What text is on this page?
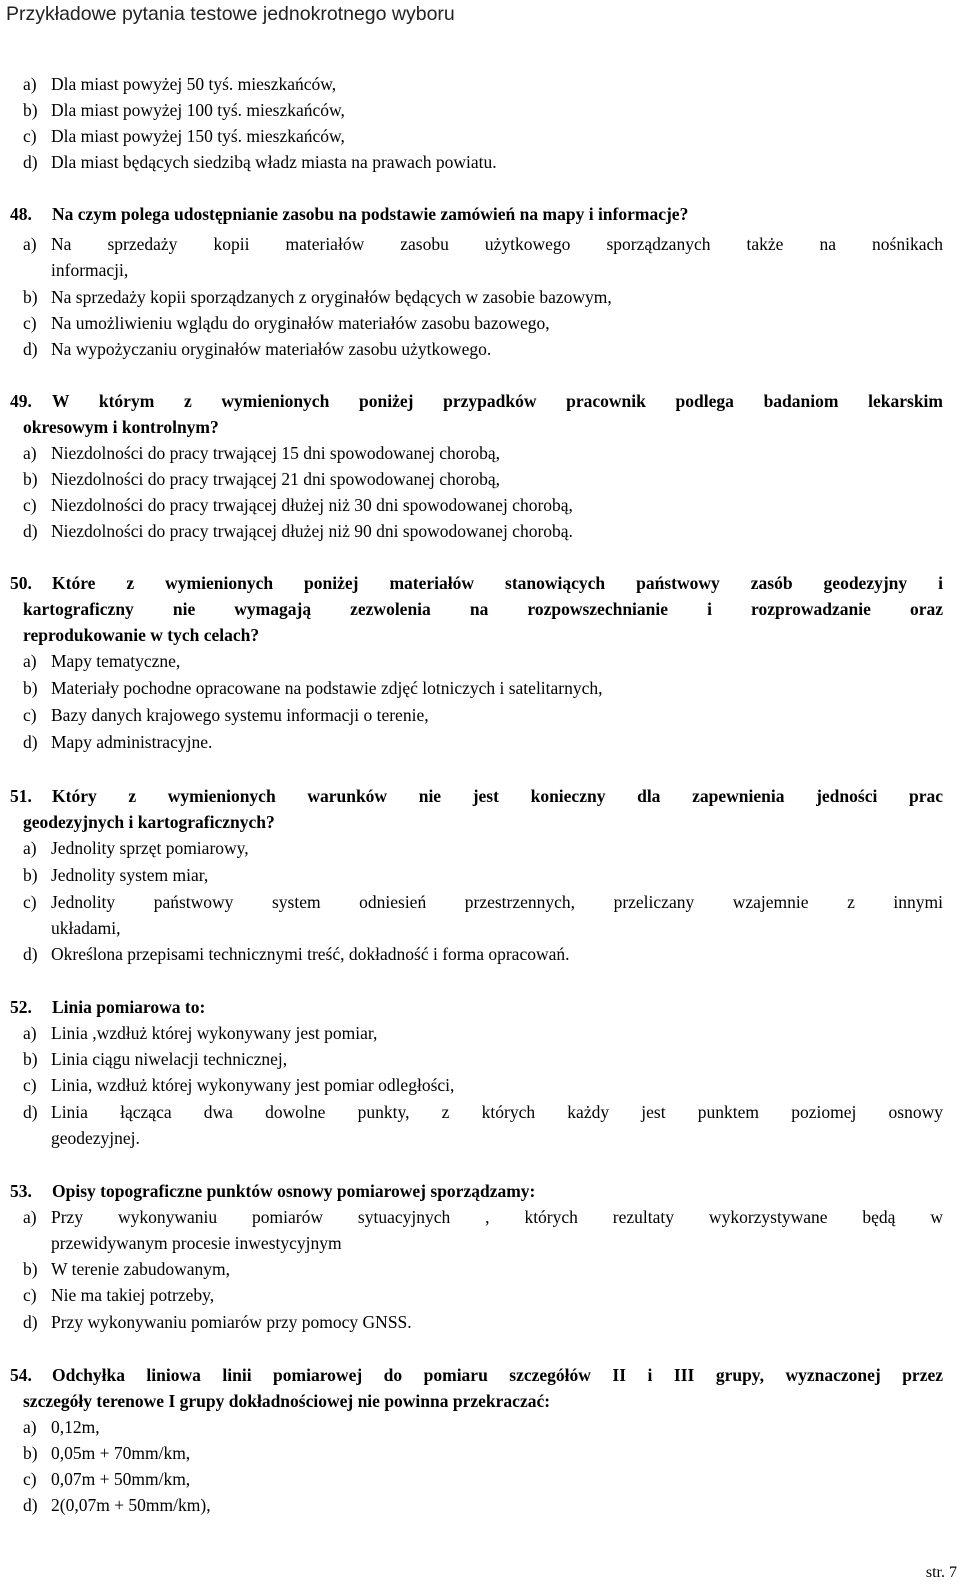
Przykładowe pytania testowe jednokrotnego wyboru
a) Dla miast powyżej 50 tyś. mieszkańców,
b) Dla miast powyżej 100 tyś. mieszkańców,
c) Dla miast powyżej 150 tyś. mieszkańców,
d) Dla miast będących siedzibą władz miasta na prawach powiatu.
48. Na czym polega udostępnianie zasobu na podstawie zamówień na mapy i informacje?
a) Na sprzedaży kopii materiałów zasobu użytkowego sporządzanych także na nośnikach
informacji,
b) Na sprzedaży kopii sporządzanych z oryginałów będących w zasobie bazowym,
c) Na umożliwieniu wglądu do oryginałów materiałów zasobu bazowego,
d) Na wypożyczaniu oryginałów materiałów zasobu użytkowego.
49. W którym z wymienionych poniżej przypadków pracownik podlega badaniom lekarskim
okresowym i kontrolnym?
a) Niezdolności do pracy trwającej 15 dni spowodowanej chorobą,
b) Niezdolności do pracy trwającej 21 dni spowodowanej chorobą,
c) Niezdolności do pracy trwającej dłużej niż 30 dni spowodowanej chorobą,
d) Niezdolności do pracy trwającej dłużej niż 90 dni spowodowanej chorobą.
50. Które z wymienionych poniżej materiałów stanowiących państwowy zasób geodezyjny i
kartograficzny nie wymagają zezwolenia na rozpowszechnianie i rozprowadzanie oraz
reprodukowanie w tych celach?
a) Mapy tematyczne,
b) Materiały pochodne opracowane na podstawie zdjęć lotniczych i satelitarnych,
c) Bazy danych krajowego systemu informacji o terenie,
d) Mapy administracyjne.
51. Który z wymienionych warunków nie jest konieczny dla zapewnienia jedności prac
geodezyjnych i kartograficznych?
a) Jednolity sprzęt pomiarowy,
b) Jednolity system miar,
c) Jednolity państwowy system odniesień przestrzennych, przeliczany wzajemnie z innymi
układami,
d) Określona przepisami technicznymi treść, dokładność i forma opracowań.
52. Linia pomiarowa to:
a) Linia ,wzdłuż której wykonywany jest pomiar,
b) Linia ciągu niwelacji technicznej,
c) Linia, wzdłuż której wykonywany jest pomiar odległości,
d) Linia łącząca dwa dowolne punkty, z których każdy jest punktem poziomej osnowy
geodezyjnej.
53. Opisy topograficzne punktów osnowy pomiarowej sporządzamy:
a) Przy wykonywaniu pomiarów sytuacyjnych , których rezultaty wykorzystywane będą w
przewidywanym procesie inwestycyjnym
b) W terenie zabudowanym,
c) Nie ma takiej potrzeby,
d) Przy wykonywaniu pomiarów przy pomocy GNSS.
54. Odchyłka liniowa linii pomiarowej do pomiaru szczegółów II i III grupy, wyznaczonej przez
szczegóły terenowe I grupy dokładnościowej nie powinna przekraczać:
a) 0,12m,
b) 0,05m + 70mm/km,
c) 0,07m + 50mm/km,
d) 2(0,07m + 50mm/km),
str. 7
